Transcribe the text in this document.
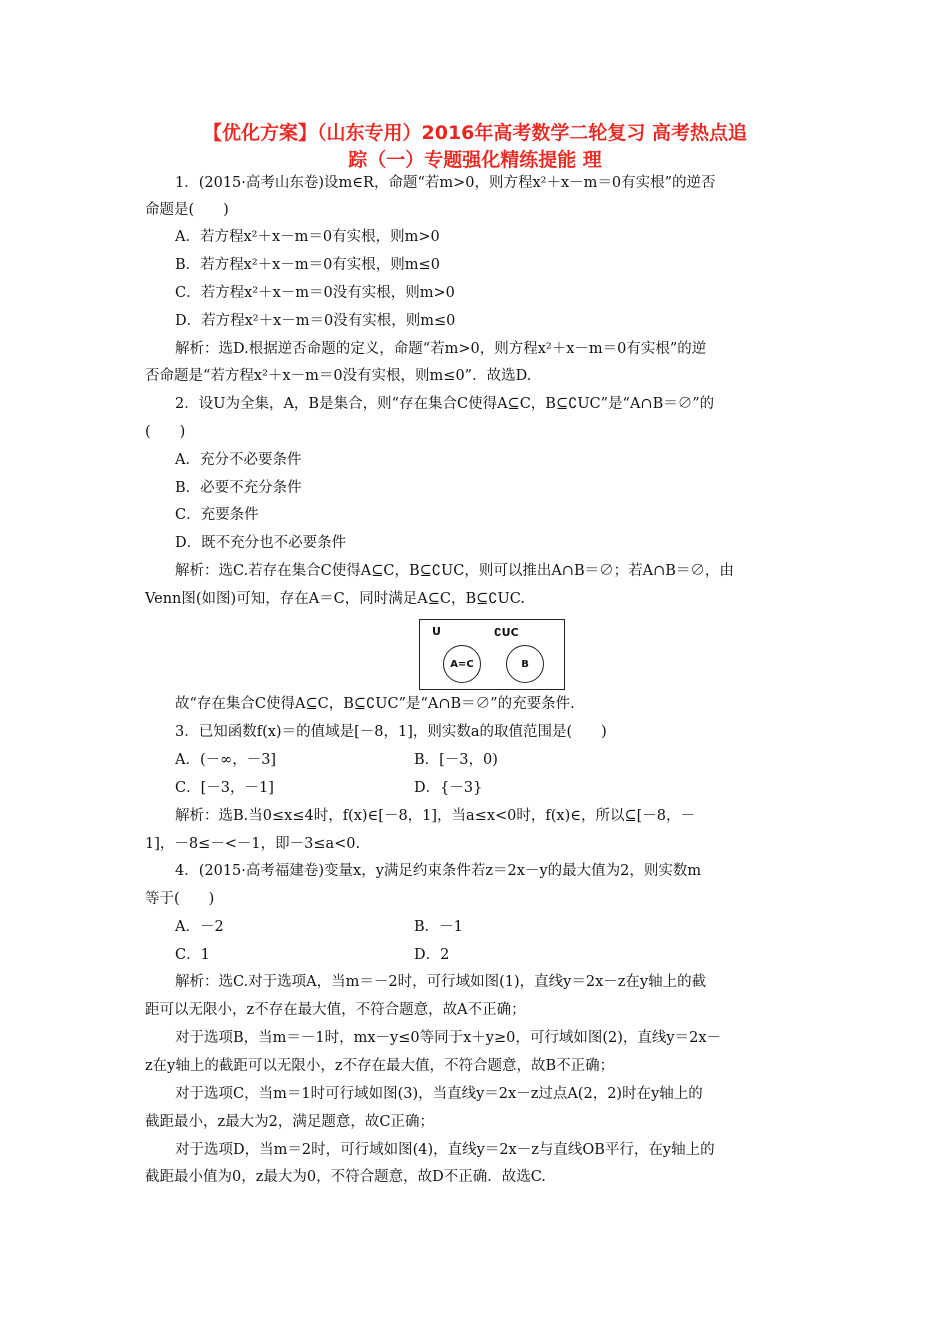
【优化方案】（山东专用）2016年高考数学二轮复习 高考热点追
踪（一）专题强化精练提能 理
1．(2015·高考山东卷)设m∈R，命题“若m>0，则方程x²＋x－m＝0有实根”的逆否
命题是(　　)
A．若方程x²＋x－m＝0有实根，则m>0
B．若方程x²＋x－m＝0有实根，则m≤0
C．若方程x²＋x－m＝0没有实根，则m>0
D．若方程x²＋x－m＝0没有实根，则m≤0
解析：选D.根据逆否命题的定义，命题“若m>0，则方程x²＋x－m＝0有实根”的逆
否命题是“若方程x²＋x－m＝0没有实根，则m≤0”．故选D.
2．设U为全集，A，B是集合，则“存在集合C使得A⊆C，B⊆∁UC”是“A∩B＝∅”的
(　　)
A．充分不必要条件
B．必要不充分条件
C．充要条件
D．既不充分也不必要条件
解析：选C.若存在集合C使得A⊆C，B⊆∁UC，则可以推出A∩B＝∅；若A∩B＝∅，由
Venn图(如图)可知，存在A＝C，同时满足A⊆C，B⊆∁UC.
U	∁UC
A=C	B
故“存在集合C使得A⊆C，B⊆∁UC”是“A∩B＝∅”的充要条件.
3．已知函数f(x)＝的值域是[－8，1]，则实数a的取值范围是(　　)
A．(－∞，－3]	B．[－3，0)
C．[－3，－1]	D．{－3}
解析：选B.当0≤x≤4时，f(x)∈[－8，1]，当a≤x<0时，f(x)∈，所以⊆[－8，－
1]，－8≤－<－1，即－3≤a<0.
4．(2015·高考福建卷)变量x，y满足约束条件若z＝2x－y的最大值为2，则实数m
等于(　　)
A．－2	B．－1
C．1	D．2
解析：选C.对于选项A，当m＝－2时，可行域如图(1)，直线y＝2x－z在y轴上的截
距可以无限小，z不存在最大值，不符合题意，故A不正确；
对于选项B，当m＝－1时，mx－y≤0等同于x＋y≥0，可行域如图(2)，直线y＝2x－
z在y轴上的截距可以无限小，z不存在最大值，不符合题意，故B不正确；
对于选项C，当m＝1时可行域如图(3)，当直线y＝2x－z过点A(2，2)时在y轴上的
截距最小，z最大为2，满足题意，故C正确；
对于选项D，当m＝2时，可行域如图(4)，直线y＝2x－z与直线OB平行，在y轴上的
截距最小值为0，z最大为0，不符合题意，故D不正确．故选C.
